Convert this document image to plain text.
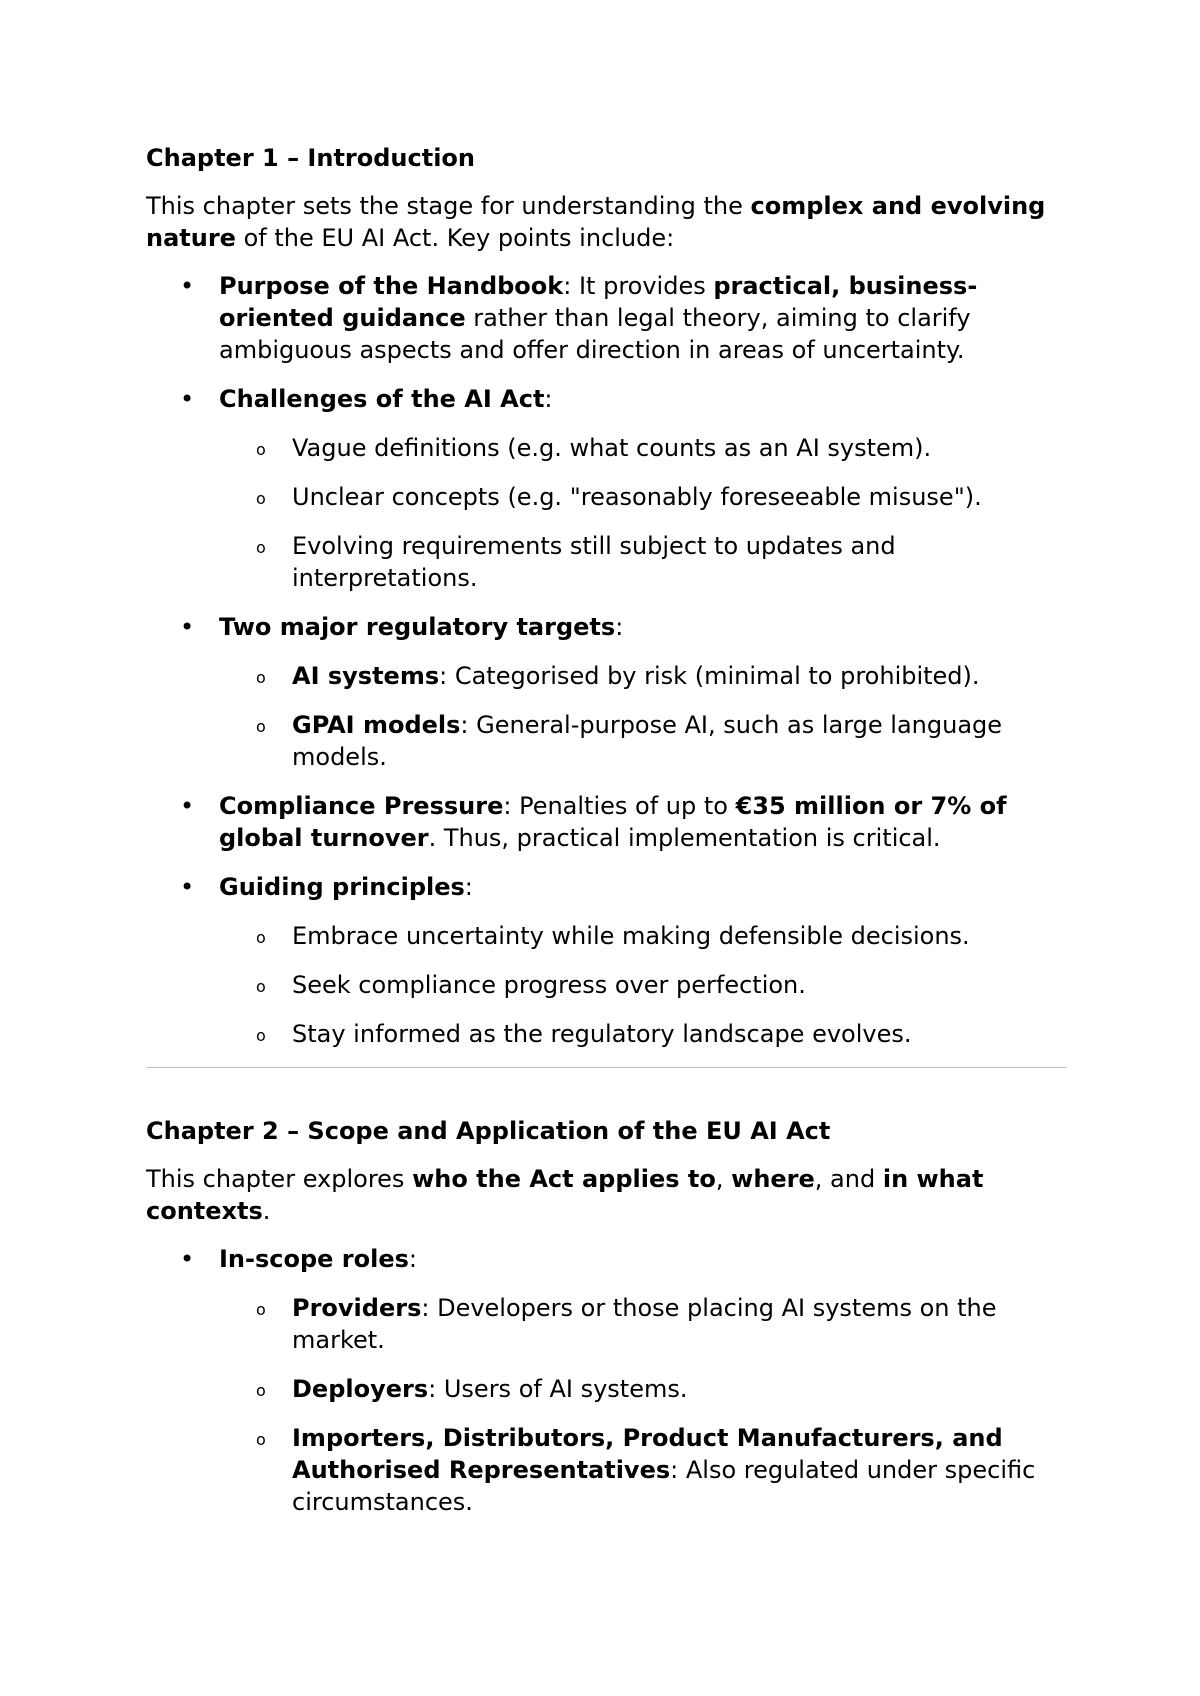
Chapter 1 – Introduction

This chapter sets the stage for understanding the complex and evolving nature of the EU AI Act. Key points include:

• Purpose of the Handbook: It provides practical, business-oriented guidance rather than legal theory, aiming to clarify ambiguous aspects and offer direction in areas of uncertainty.
• Challenges of the AI Act:
o Vague definitions (e.g. what counts as an AI system).
o Unclear concepts (e.g. "reasonably foreseeable misuse").
o Evolving requirements still subject to updates and interpretations.
• Two major regulatory targets:
o AI systems: Categorised by risk (minimal to prohibited).
o GPAI models: General-purpose AI, such as large language models.
• Compliance Pressure: Penalties of up to €35 million or 7% of global turnover. Thus, practical implementation is critical.
• Guiding principles:
o Embrace uncertainty while making defensible decisions.
o Seek compliance progress over perfection.
o Stay informed as the regulatory landscape evolves.
Chapter 2 – Scope and Application of the EU AI Act

This chapter explores who the Act applies to, where, and in what contexts.

• In-scope roles:
o Providers: Developers or those placing AI systems on the market.
o Deployers: Users of AI systems.
o Importers, Distributors, Product Manufacturers, and Authorised Representatives: Also regulated under specific circumstances.
